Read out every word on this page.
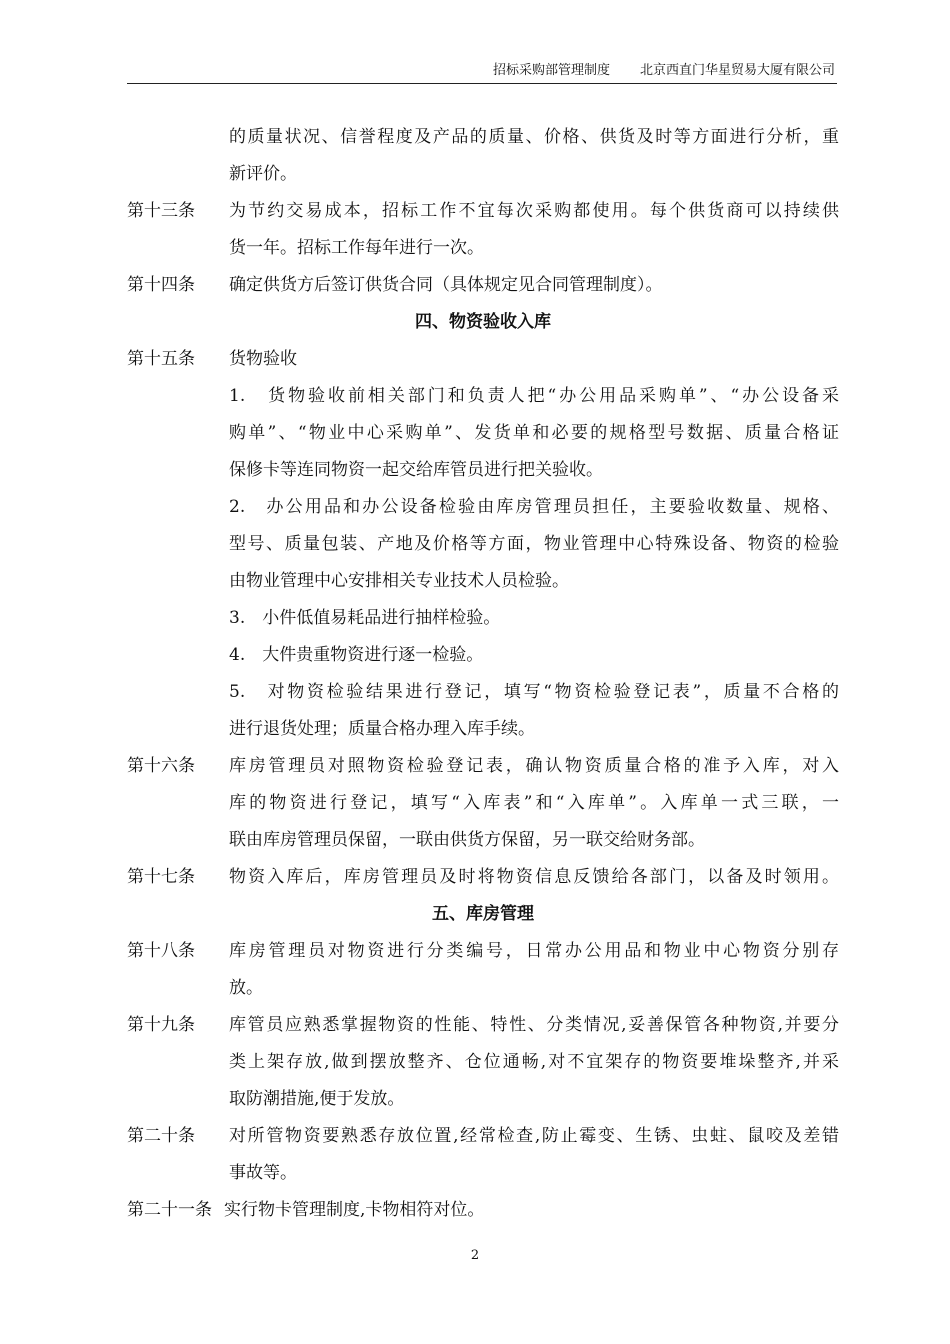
招标采购部管理制度 北京西直门华星贸易大厦有限公司
的质量状况、信誉程度及产品的质量、价格、供货及时等方面进行分析，重
新评价。
第十三条 为节约交易成本，招标工作不宜每次采购都使用。每个供货商可以持续供
货一年。招标工作每年进行一次。
第十四条 确定供货方后签订供货合同（具体规定见合同管理制度）。
四、物资验收入库
第十五条 货物验收
1.　货物验收前相关部门和负责人把“办公用品采购单”、“办公设备采
购单”、“物业中心采购单”、发货单和必要的规格型号数据、质量合格证
保修卡等连同物资一起交给库管员进行把关验收。
2.　办公用品和办公设备检验由库房管理员担任，主要验收数量、规格、
型号、质量包装、产地及价格等方面，物业管理中心特殊设备、物资的检验
由物业管理中心安排相关专业技术人员检验。
3.　小件低值易耗品进行抽样检验。
4.　大件贵重物资进行逐一检验。
5.　对物资检验结果进行登记，填写“物资检验登记表”，质量不合格的
进行退货处理；质量合格办理入库手续。
第十六条 库房管理员对照物资检验登记表，确认物资质量合格的准予入库，对入
库的物资进行登记，填写“入库表”和“入库单”。入库单一式三联，一
联由库房管理员保留，一联由供货方保留，另一联交给财务部。
第十七条 物资入库后，库房管理员及时将物资信息反馈给各部门，以备及时领用。
五、库房管理
第十八条 库房管理员对物资进行分类编号，日常办公用品和物业中心物资分别存
放。
第十九条 库管员应熟悉掌握物资的性能、特性、分类情况,妥善保管各种物资,并要分
类上架存放,做到摆放整齐、仓位通畅,对不宜架存的物资要堆垛整齐,并采
取防潮措施,便于发放。
第二十条 对所管物资要熟悉存放位置,经常检查,防止霉变、生锈、虫蛀、鼠咬及差错
事故等。
第二十一条 实行物卡管理制度,卡物相符对位。
2
